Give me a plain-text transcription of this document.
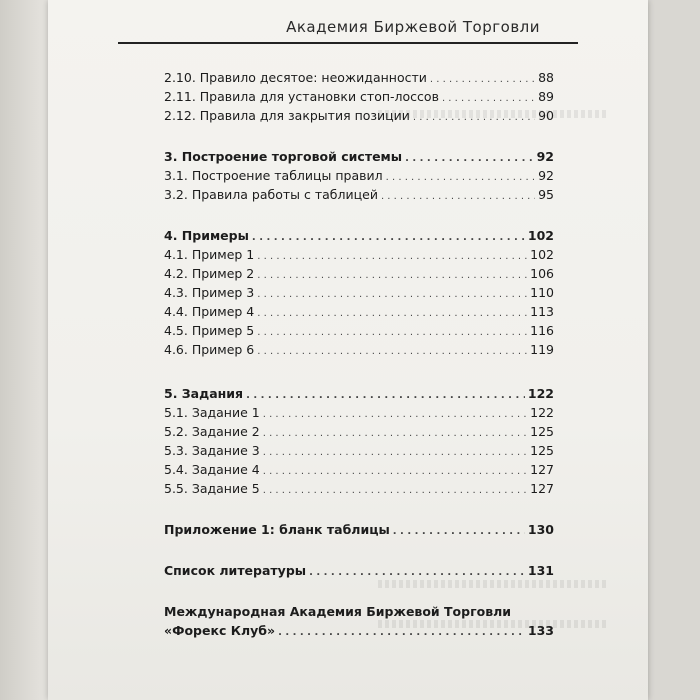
Академия Биржевой Торговли
2.10. Правило десятое: неожиданности . . .	88
2.11. Правила для установки стоп-лоссов . . .	89
2.12. Правила для закрытия позиции . . .	90
3. Построение торговой системы . . .	92
3.1. Построение таблицы правил . . .	92
3.2. Правила работы с таблицей . . .	95
4. Примеры . . .	102
4.1. Пример 1 . . .	102
4.2. Пример 2 . . .	106
4.3. Пример 3 . . .	110
4.4. Пример 4 . . .	113
4.5. Пример 5 . . .	116
4.6. Пример 6 . . .	119
5. Задания . . .	122
5.1. Задание 1 . . .	122
5.2. Задание 2 . . .	125
5.3. Задание 3 . . .	125
5.4. Задание 4 . . .	127
5.5. Задание 5 . . .	127
Приложение 1: бланк таблицы . . .	130
Список литературы . . .	131
Международная Академия Биржевой Торговли
«Форекс Клуб» . . .	133
